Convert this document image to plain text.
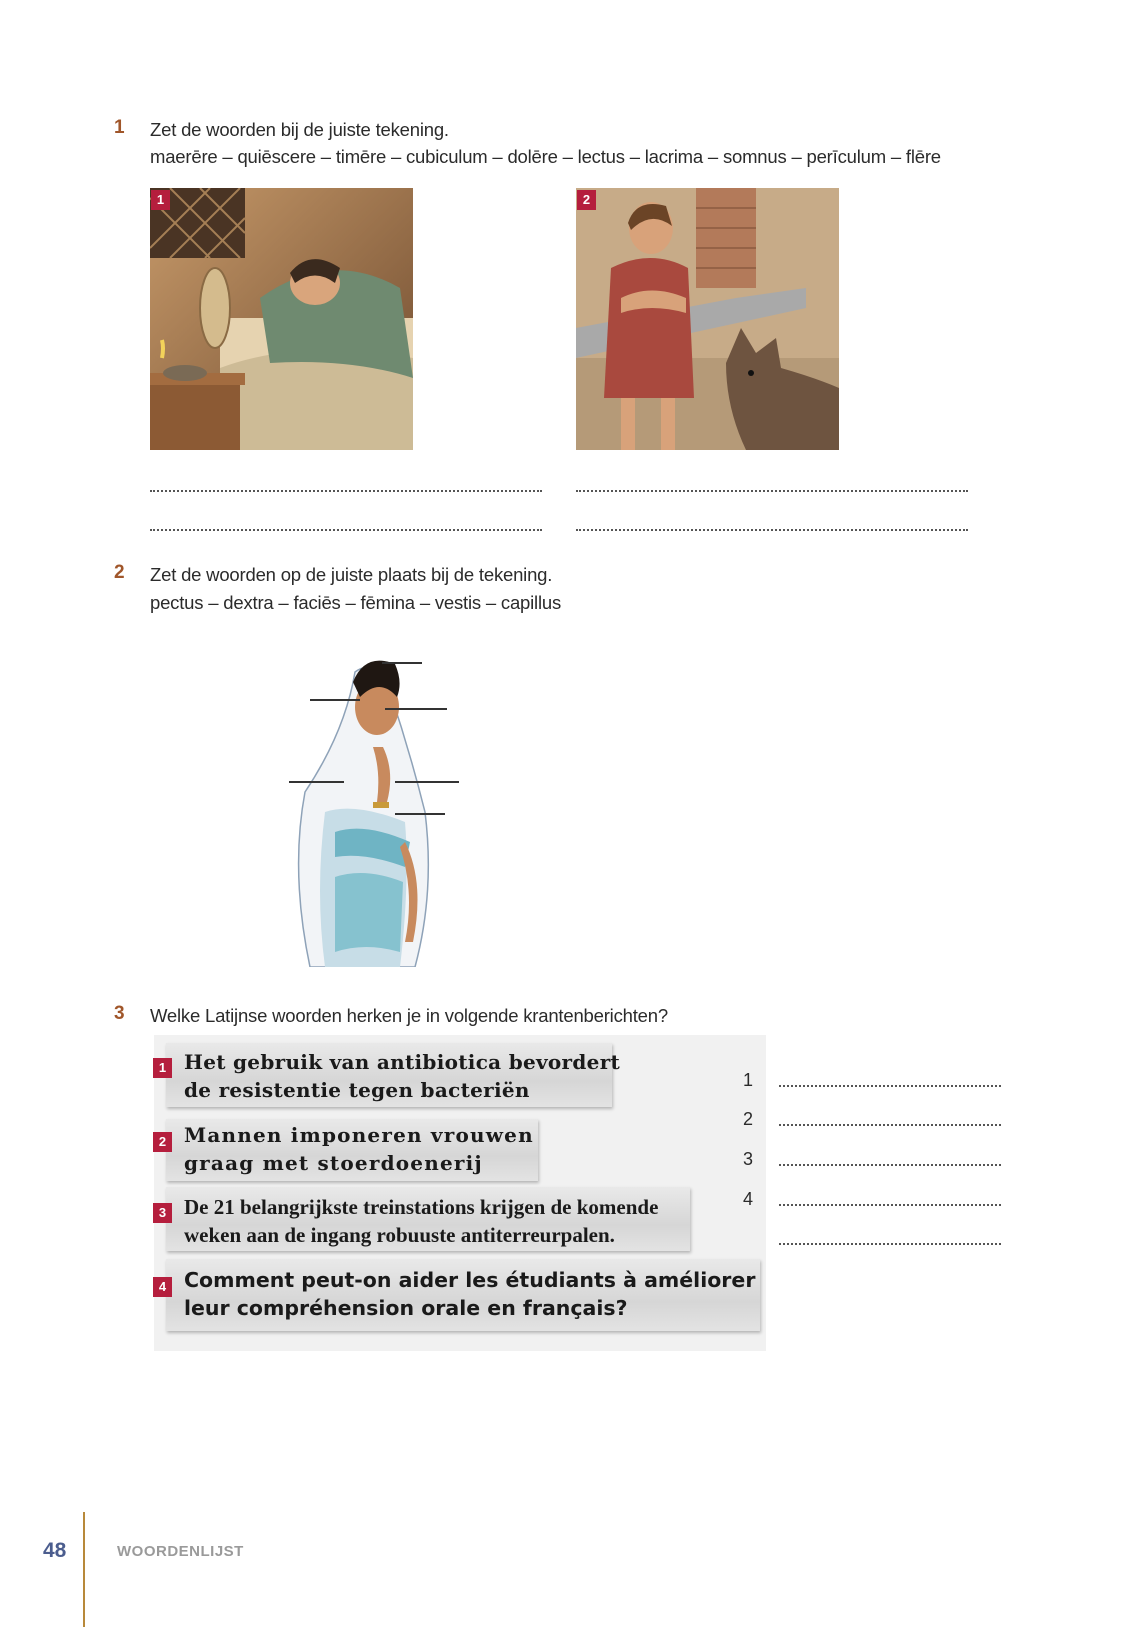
1 Zet de woorden bij de juiste tekening.
maerēre – quiēscere – timēre – cubiculum – dolēre – lectus – lacrima – somnus – perīculum – flēre
1	2
2 Zet de woorden op de juiste plaats bij de tekening.
pectus – dextra – faciēs – fēmina – vestis – capillus
3 Welke Latijnse woorden herken je in volgende krantenberichten?
1 Het gebruik van antibiotica bevordert
de resistentie tegen bacteriën
2 Mannen imponeren vrouwen
graag met stoerdoenerij
3 De 21 belangrijkste treinstations krijgen de komende
weken aan de ingang robuuste antiterreurpalen.
4 Comment peut-on aider les étudiants à améliorer
leur compréhension orale en français?
1
2
3
4
48	WOORDENLIJST
